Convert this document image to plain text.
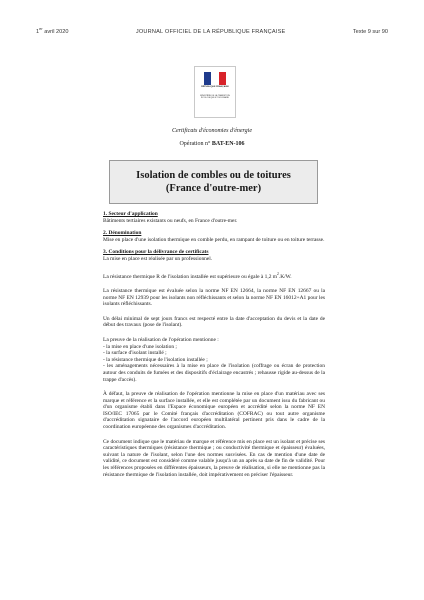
1er avril 2020	JOURNAL OFFICIEL DE LA RÉPUBLIQUE FRANÇAISE	Texte 9 sur 90
RÉPUBLIQUE FRANÇAISE
MINISTÈRE DE LA TRANSITION ÉCOLOGIQUE ET SOLIDAIRE
Certificats d'économies d'énergie
Opération n° BAT-EN-106
Isolation de combles ou de toitures
(France d'outre-mer)
1. Secteur d'application

Bâtiments tertiaires existants ou neufs, en France d'outre-mer.

2. Dénomination

Mise en place d'une isolation thermique en comble perdu, en rampant de toiture ou en toiture terrasse.

3. Conditions pour la délivrance de certificats

La mise en place est réalisée par un professionnel.

La résistance thermique R de l'isolation installée est supérieure ou égale à 1,2 $m^2.K/W$.

La résistance thermique est évaluée selon la norme NF EN 12664, la norme NF EN 12667 ou la norme NF EN 12939 pour les isolants non réfléchissants et selon la norme NF EN 16012+A1 pour les isolants réfléchissants.

Un délai minimal de sept jours francs est respecté entre la date d'acceptation du devis et la date de début des travaux (pose de l'isolant).

La preuve de la réalisation de l'opération mentionne :

- la mise en place d'une isolation ;

- la surface d'isolant installé ;

- la résistance thermique de l'isolation installée ;

- les aménagements nécessaires à la mise en place de l'isolation (coffrage ou écran de protection autour des conduits de fumées et des dispositifs d'éclairage encastrés ; rehausse rigide au-dessus de la trappe d'accès).

À défaut, la preuve de réalisation de l'opération mentionne la mise en place d'un matériau avec ses marque et référence et la surface installée, et elle est complétée par un document issu du fabricant ou d'un organisme établi dans l'Espace économique européen et accrédité selon la norme NF EN ISO/IEC 17065 par le Comité français d'accréditation (COFRAC) ou tout autre organisme d'accréditation signataire de l'accord européen multilatéral pertinent pris dans le cadre de la coordination européenne des organismes d'accréditation.

Ce document indique que le matériau de marque et référence mis en place est un isolant et précise ses caractéristiques thermiques (résistance thermique ; ou conductivité thermique et épaisseur) évaluées, suivant la nature de l'isolant, selon l'une des normes susvisées. En cas de mention d'une date de validité, ce document est considéré comme valable jusqu'à un an après sa date de fin de validité. Pour les références proposées en différentes épaisseurs, la preuve de réalisation, si elle ne mentionne pas la résistance thermique de l'isolation installée, doit impérativement en préciser l'épaisseur.
